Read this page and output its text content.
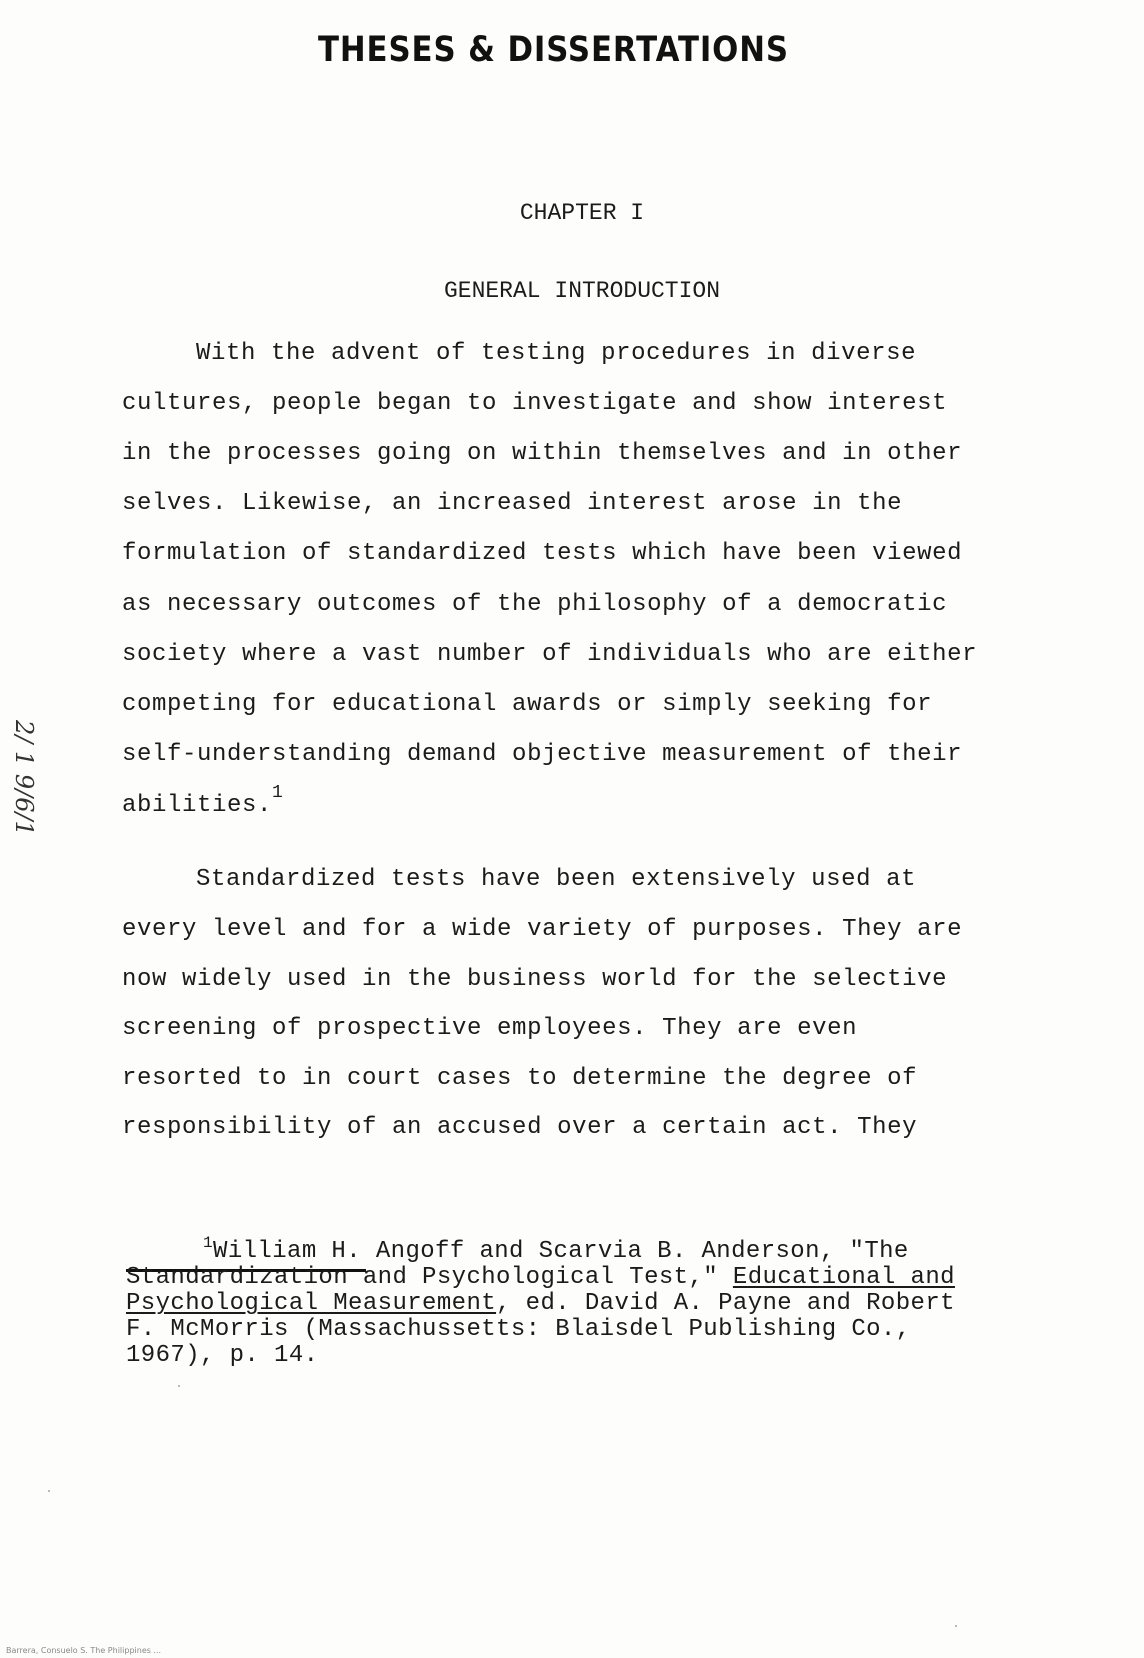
THESES & DISSERTATIONS
CHAPTER I
GENERAL INTRODUCTION
With the advent of testing procedures in diverse
cultures, people began to investigate and show interest
in the processes going on within themselves and in other
selves. Likewise, an increased interest arose in the
formulation of standardized tests which have been viewed
as necessary outcomes of the philosophy of a democratic
society where a vast number of individuals who are either
competing for educational awards or simply seeking for
self-understanding demand objective measurement of their
abilities.$^1$
Standardized tests have been extensively used at
every level and for a wide variety of purposes. They are
now widely used in the business world for the selective
screening of prospective employees. They are even
resorted to in court cases to determine the degree of
responsibility of an accused over a certain act. They
$^1$William H. Angoff and Scarvia B. Anderson, "The
Standardization and Psychological Test," Educational and
Psychological Measurement, ed. David A. Payne and Robert
F. McMorris (Massachussetts: Blaisdel Publishing Co.,
1967), p. 14.
2/ 1 9/6/1
Barrera, Consuelo S. The Philippines ...
